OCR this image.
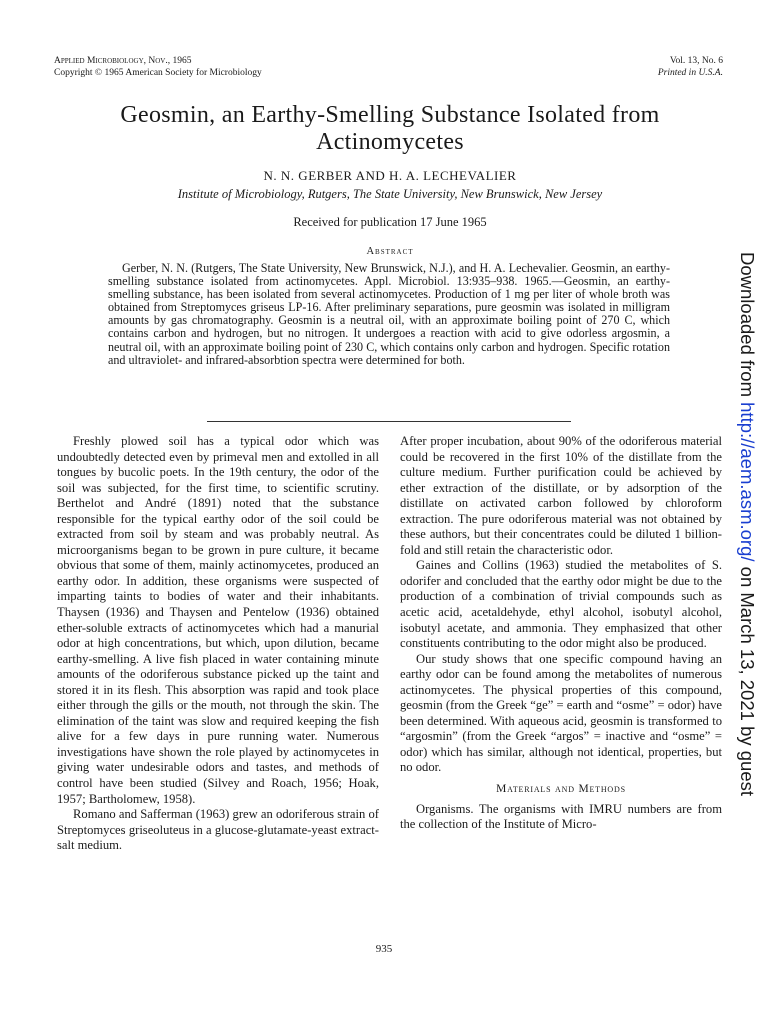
Applied Microbiology, Nov., 1965
Copyright © 1965 American Society for Microbiology
Vol. 13, No. 6
Printed in U.S.A.
Geosmin, an Earthy-Smelling Substance Isolated from
Actinomycetes
N. N. GERBER AND H. A. LECHEVALIER
Institute of Microbiology, Rutgers, The State University, New Brunswick, New Jersey
Received for publication 17 June 1965
Abstract
Gerber, N. N. (Rutgers, The State University, New Brunswick, N.J.), and H. A. Lechevalier. Geosmin, an earthy-smelling substance isolated from actinomycetes. Appl. Microbiol. 13:935–938. 1965.—Geosmin, an earthy-smelling substance, has been isolated from several actinomycetes. Production of 1 mg per liter of whole broth was obtained from Streptomyces griseus LP-16. After preliminary separations, pure geosmin was isolated in milligram amounts by gas chromatography. Geosmin is a neutral oil, with an approximate boiling point of 270 C, which contains carbon and hydrogen, but no nitrogen. It undergoes a reaction with acid to give odorless argosmin, a neutral oil, with an approximate boiling point of 230 C, which contains only carbon and hydrogen. Specific rotation and ultraviolet- and infrared-absorbtion spectra were determined for both.

Freshly plowed soil has a typical odor which was undoubtedly detected even by primeval men and extolled in all tongues by bucolic poets. In the 19th century, the odor of the soil was subjected, for the first time, to scientific scrutiny. Berthelot and André (1891) noted that the substance responsible for the typical earthy odor of the soil could be extracted from soil by steam and was probably neutral. As microorganisms began to be grown in pure culture, it became obvious that some of them, mainly actinomycetes, produced an earthy odor. In addition, these organisms were suspected of imparting taints to bodies of water and their inhabitants. Thaysen (1936) and Thaysen and Pentelow (1936) obtained ether-soluble extracts of actinomycetes which had a manurial odor at high concentrations, but which, upon dilution, became earthy-smelling. A live fish placed in water containing minute amounts of the odoriferous substance picked up the taint and stored it in its flesh. This absorption was rapid and took place either through the gills or the mouth, not through the skin. The elimination of the taint was slow and required keeping the fish alive for a few days in pure running water. Numerous investigations have shown the role played by actinomycetes in giving water undesirable odors and tastes, and methods of control have been studied (Silvey and Roach, 1956; Hoak, 1957; Bartholomew, 1958).

Romano and Safferman (1963) grew an odoriferous strain of Streptomyces griseoluteus in a glucose-glutamate-yeast extract-salt medium.

After proper incubation, about 90% of the odoriferous material could be recovered in the first 10% of the distillate from the culture medium. Further purification could be achieved by ether extraction of the distillate, or by adsorption of the distillate on activated carbon followed by chloroform extraction. The pure odoriferous material was not obtained by these authors, but their concentrates could be diluted 1 billion-fold and still retain the characteristic odor.

Gaines and Collins (1963) studied the metabolites of S. odorifer and concluded that the earthy odor might be due to the production of a combination of trivial compounds such as acetic acid, acetaldehyde, ethyl alcohol, isobutyl alcohol, isobutyl acetate, and ammonia. They emphasized that other constituents contributing to the odor might also be produced.

Our study shows that one specific compound having an earthy odor can be found among the metabolites of numerous actinomycetes. The physical properties of this compound, geosmin (from the Greek “ge” = earth and “osme” = odor) have been determined. With aqueous acid, geosmin is transformed to “argosmin” (from the Greek “argos” = inactive and “osme” = odor) which has similar, although not identical, properties, but no odor.

Materials and Methods

Organisms. The organisms with IMRU numbers are from the collection of the Institute of Micro-

935
Downloaded from http://aem.asm.org/ on March 13, 2021 by guest
